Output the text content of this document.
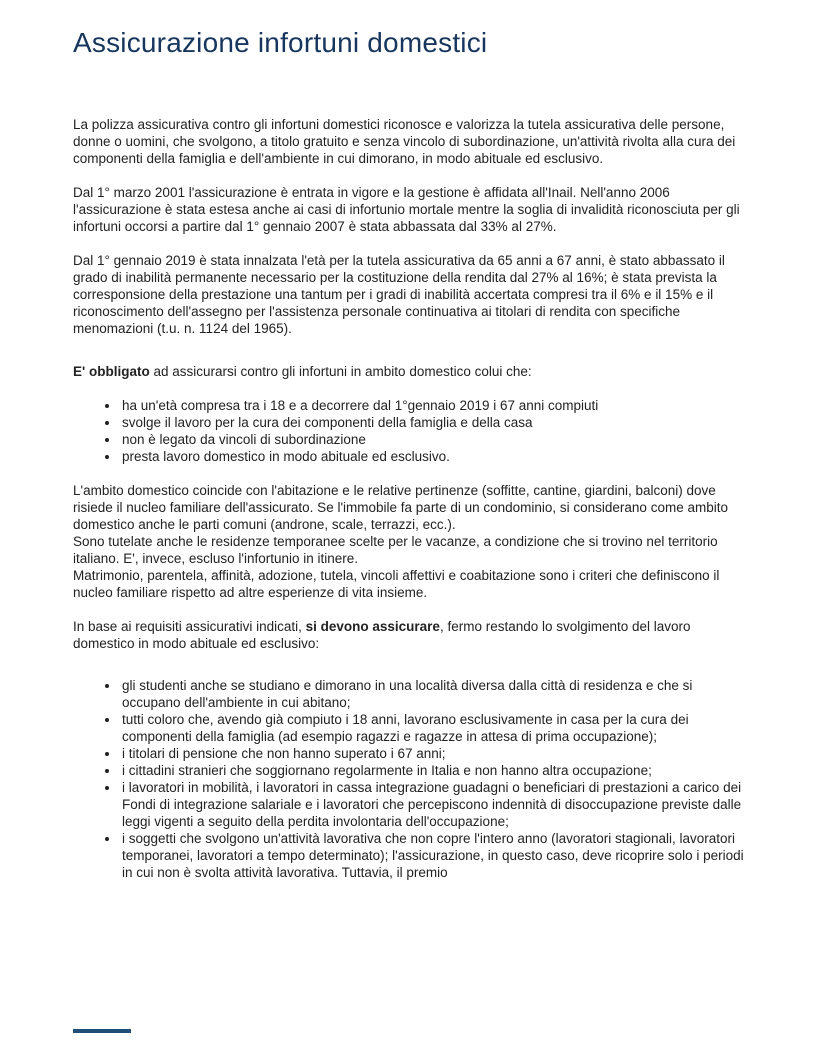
Assicurazione infortuni domestici

La polizza assicurativa contro gli infortuni domestici riconosce e valorizza la tutela assicurativa delle persone, donne o uomini, che svolgono, a titolo gratuito e senza vincolo di subordinazione, un'attività rivolta alla cura dei componenti della famiglia e dell'ambiente in cui dimorano, in modo abituale ed esclusivo.

Dal 1° marzo 2001 l'assicurazione è entrata in vigore e la gestione è affidata all'Inail. Nell'anno 2006 l'assicurazione è stata estesa anche ai casi di infortunio mortale mentre la soglia di invalidità riconosciuta per gli infortuni occorsi a partire dal 1° gennaio 2007 è stata abbassata dal 33% al 27%.

Dal 1° gennaio 2019 è stata innalzata l'età per la tutela assicurativa da 65 anni a 67 anni, è stato abbassato il grado di inabilità permanente necessario per la costituzione della rendita dal 27% al 16%; è stata prevista la corresponsione della prestazione una tantum per i gradi di inabilità accertata compresi tra il 6% e il 15% e il riconoscimento dell'assegno per l'assistenza personale continuativa ai titolari di rendita con specifiche menomazioni (t.u. n. 1124 del 1965).

E' obbligato ad assicurarsi contro gli infortuni in ambito domestico colui che:

• ha un'età compresa tra i 18 e a decorrere dal 1°gennaio 2019 i 67 anni compiuti
• svolge il lavoro per la cura dei componenti della famiglia e della casa
• non è legato da vincoli di subordinazione
• presta lavoro domestico in modo abituale ed esclusivo.

L'ambito domestico coincide con l'abitazione e le relative pertinenze (soffitte, cantine, giardini, balconi) dove risiede il nucleo familiare dell'assicurato. Se l'immobile fa parte di un condominio, si considerano come ambito domestico anche le parti comuni (androne, scale, terrazzi, ecc.).
Sono tutelate anche le residenze temporanee scelte per le vacanze, a condizione che si trovino nel territorio italiano. E', invece, escluso l'infortunio in itinere.
Matrimonio, parentela, affinità, adozione, tutela, vincoli affettivi e coabitazione sono i criteri che definiscono il nucleo familiare rispetto ad altre esperienze di vita insieme.

In base ai requisiti assicurativi indicati, si devono assicurare, fermo restando lo svolgimento del lavoro domestico in modo abituale ed esclusivo:

• gli studenti anche se studiano e dimorano in una località diversa dalla città di residenza e che si occupano dell'ambiente in cui abitano;
• tutti coloro che, avendo già compiuto i 18 anni, lavorano esclusivamente in casa per la cura dei componenti della famiglia (ad esempio ragazzi e ragazze in attesa di prima occupazione);
• i titolari di pensione che non hanno superato i 67 anni;
• i cittadini stranieri che soggiornano regolarmente in Italia e non hanno altra occupazione;
• i lavoratori in mobilità, i lavoratori in cassa integrazione guadagni o beneficiari di prestazioni a carico dei Fondi di integrazione salariale e i lavoratori che percepiscono indennità di disoccupazione previste dalle leggi vigenti a seguito della perdita involontaria dell'occupazione;
• i soggetti che svolgono un'attività lavorativa che non copre l'intero anno (lavoratori stagionali, lavoratori temporanei, lavoratori a tempo determinato); l'assicurazione, in questo caso, deve ricoprire solo i periodi in cui non è svolta attività lavorativa. Tuttavia, il premio
